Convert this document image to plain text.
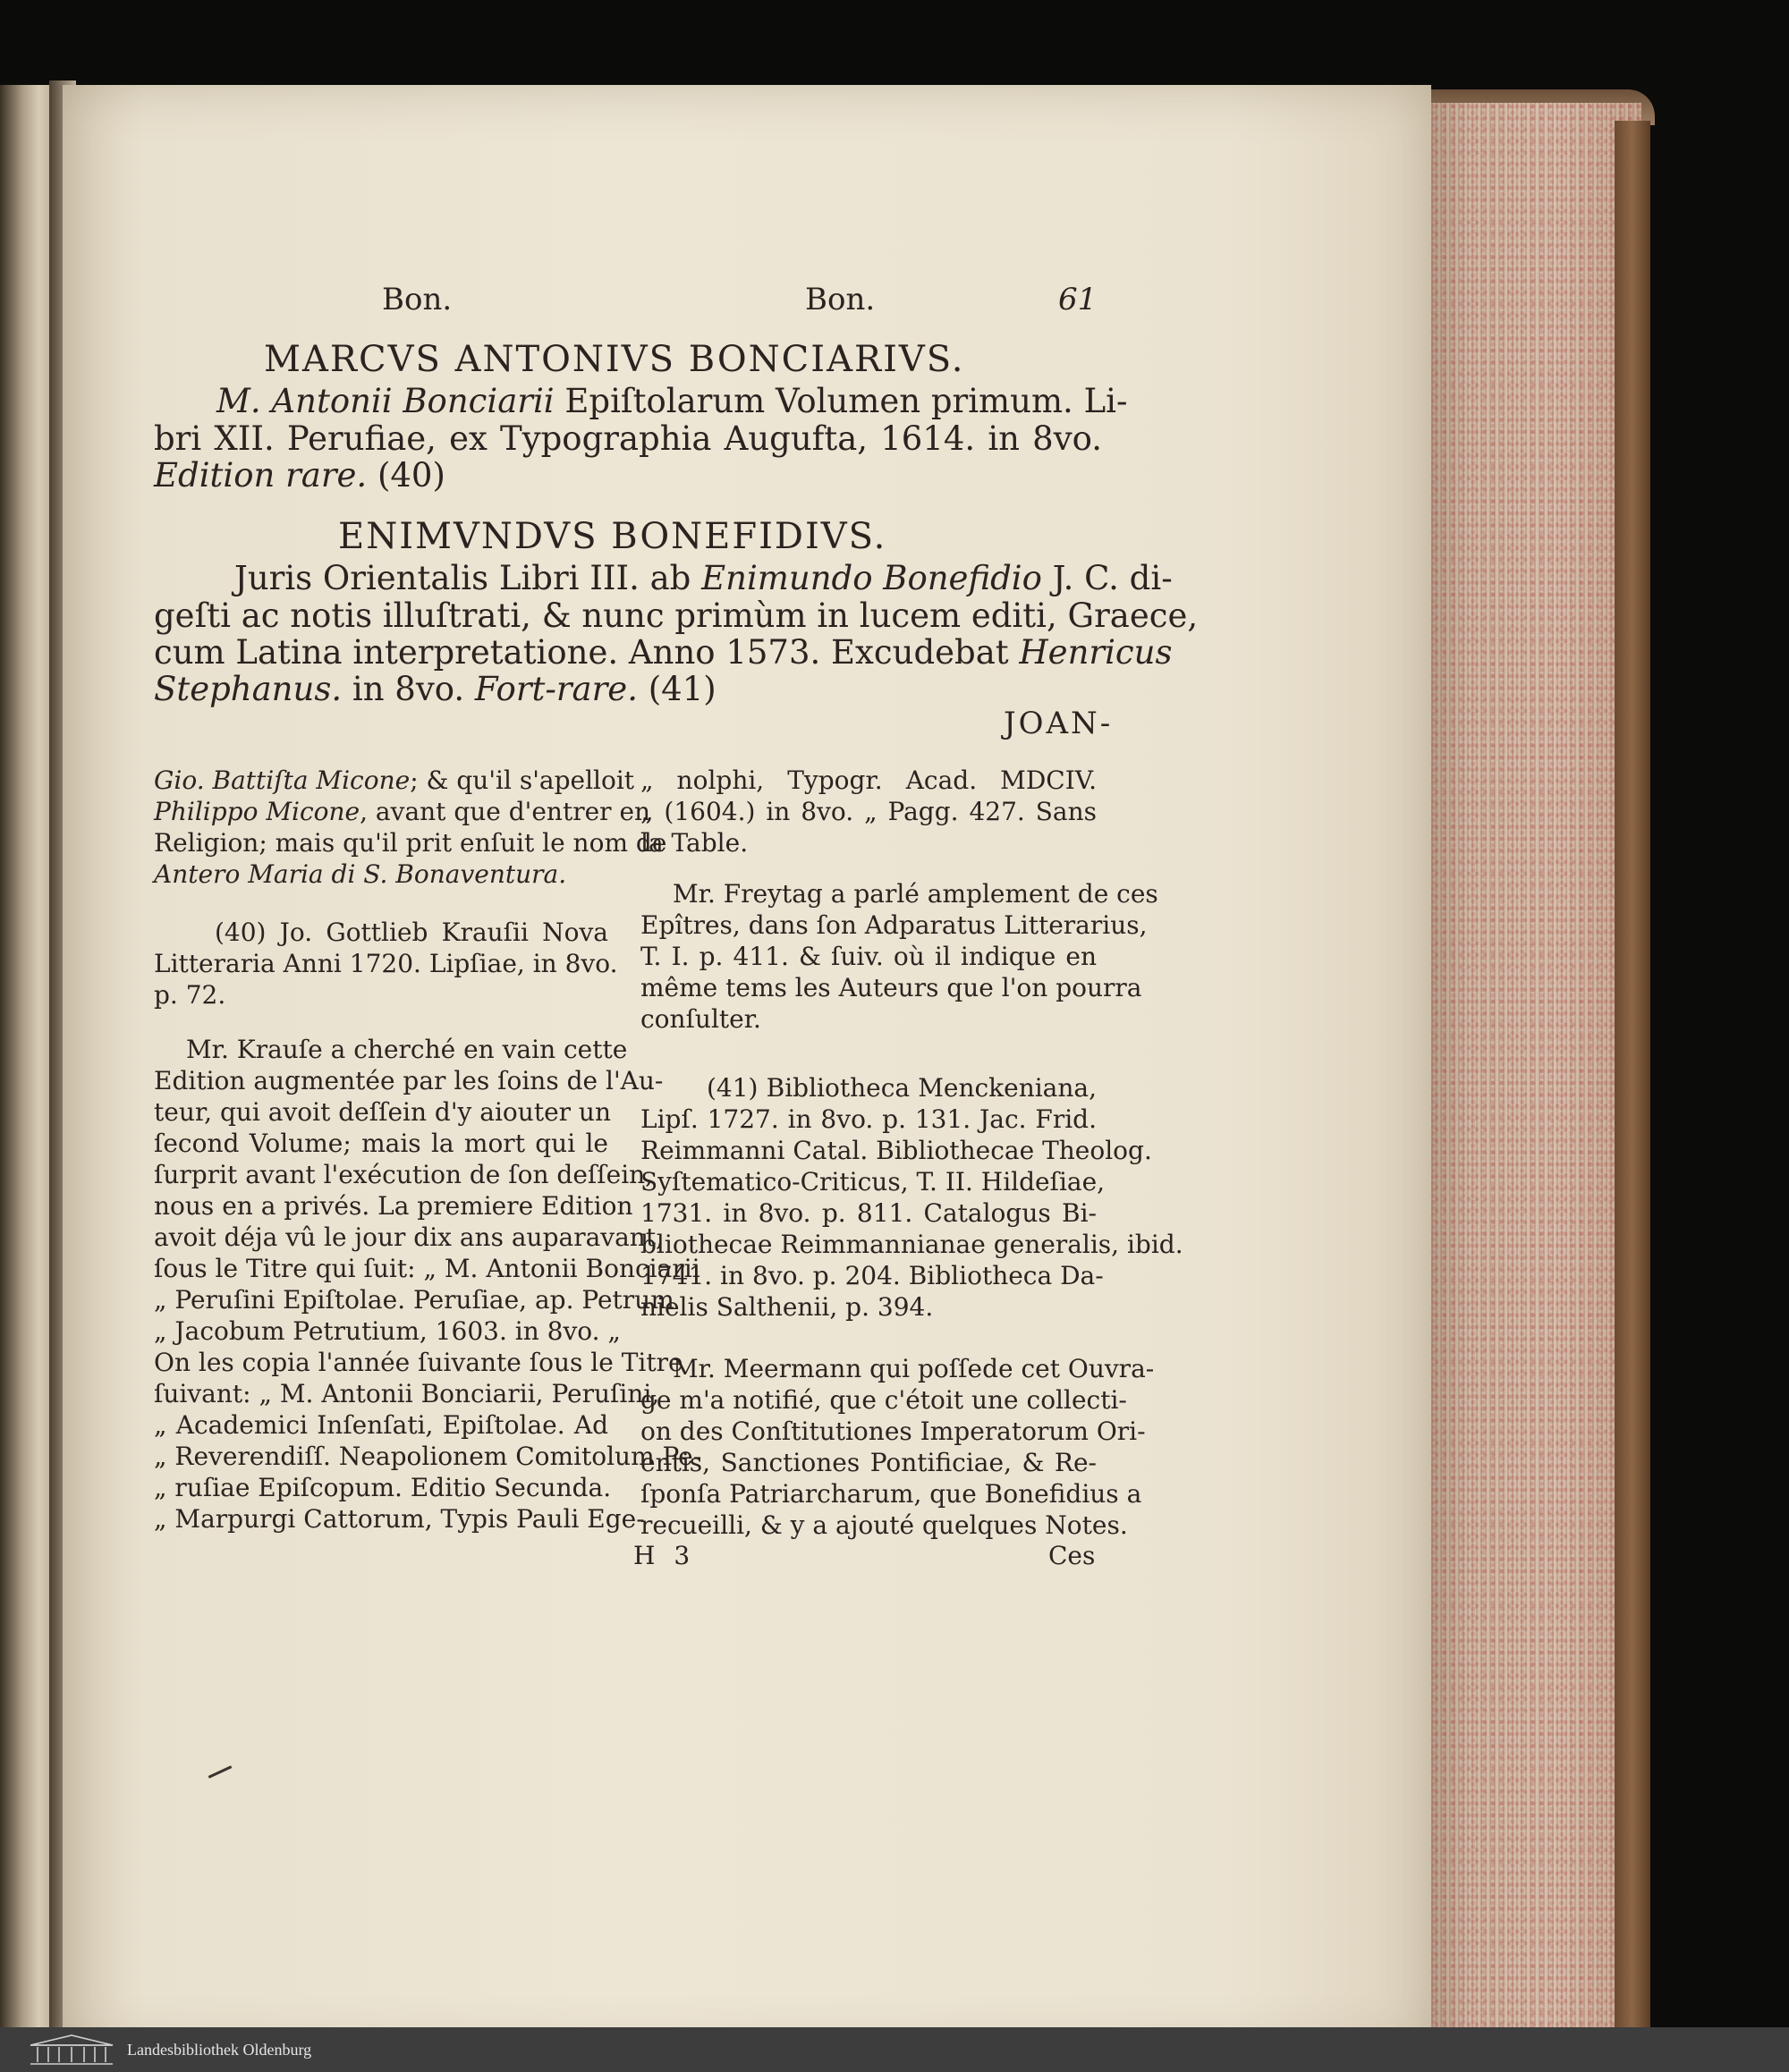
Bon.	Bon.	61
MARCVS ANTONIVS BONCIARIVS.
M. Antonii Bonciarii Epiſtolarum Volumen primum. Li-
bri XII. Perufiae, ex Typographia Augufta, 1614. in 8vo.
Edition rare. (40)
ENIMVNDVS BONEFIDIVS.
Juris Orientalis Libri III. ab Enimundo Bonefidio J. C. di-
geſti ac notis illuſtrati, & nunc primùm in lucem editi, Graece,
cum Latina interpretatione. Anno 1573. Excudebat Henricus
Stephanus. in 8vo. Fort-rare. (41)
JOAN-

Gio. Battiſta Micone; & qu'il s'apelloit
Philippo Micone, avant que d'entrer en
Religion; mais qu'il prit enſuit le nom de
Antero Maria di S. Bonaventura.

(40) Jo. Gottlieb Krauſii Nova
Litteraria Anni 1720. Lipſiae, in 8vo.
p. 72.

Mr. Krauſe a cherché en vain cette
Edition augmentée par les ſoins de l'Au-
teur, qui avoit deſſein d'y aiouter un
ſecond Volume; mais la mort qui le
ſurprit avant l'exécution de ſon deſſein,
nous en a privés. La premiere Edition
avoit déja vû le jour dix ans auparavant,
ſous le Titre qui ſuit: „ M. Antonii Bonciarii
„ Peruſini Epiſtolae. Peruſiae, ap. Petrum
„ Jacobum Petrutium, 1603. in 8vo. „
On les copia l'année ſuivante ſous le Titre
ſuivant: „ M. Antonii Bonciarii, Peruſini,
„ Academici Inſenſati, Epiſtolae. Ad
„ Reverendiſſ. Neapolionem Comitolum Pe-
„ ruſiae Epiſcopum. Editio Secunda.
„ Marpurgi Cattorum, Typis Pauli Ege-

„ nolphi, Typogr. Acad. MDCIV.
„ (1604.) in 8vo. „ Pagg. 427. Sans
la Table.

Mr. Freytag a parlé amplement de ces
Epîtres, dans ſon Adparatus Litterarius,
T. I. p. 411. & ſuiv. où il indique en
même tems les Auteurs que l'on pourra
conſulter.

(41) Bibliotheca Menckeniana,
Lipſ. 1727. in 8vo. p. 131. Jac. Frid.
Reimmanni Catal. Bibliothecae Theolog.
Syſtematico-Criticus, T. II. Hildeſiae,
1731. in 8vo. p. 811. Catalogus Bi-
bliothecae Reimmannianae generalis, ibid.
1741. in 8vo. p. 204. Bibliotheca Da-
nielis Salthenii, p. 394.

Mr. Meermann qui poſſede cet Ouvra-
ge m'a notifié, que c'étoit une collecti-
on des Conſtitutiones Imperatorum Ori-
entis, Sanctiones Pontificiae, & Re-
ſponſa Patriarcharum, que Bonefidius a
recueilli, & y a ajouté quelques Notes.

H 3	Ces
Landesbibliothek Oldenburg
